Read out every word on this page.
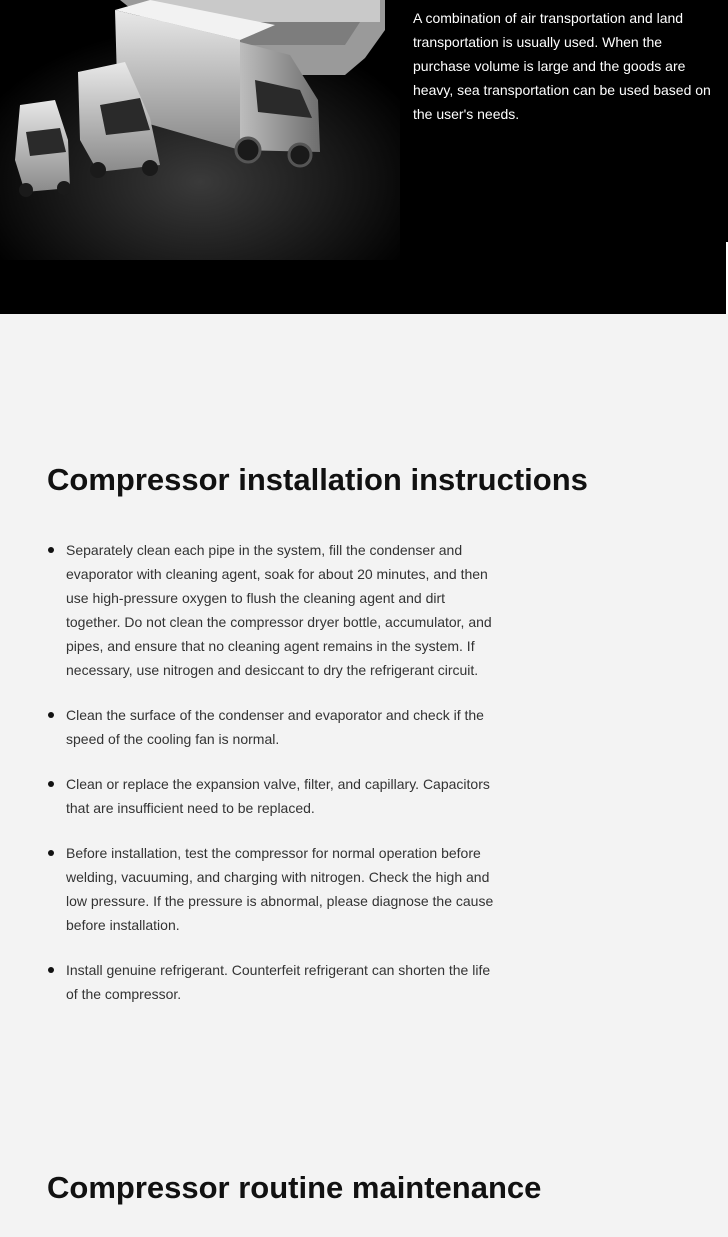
A combination of air transportation and land transportation is usually used. When the purchase volume is large and the goods are heavy, sea transportation can be used based on the user's needs.

Compressor installation instructions
Separately clean each pipe in the system, fill the condenser and evaporator with cleaning agent, soak for about 20 minutes, and then use high-pressure oxygen to flush the cleaning agent and dirt together. Do not clean the compressor dryer bottle, accumulator, and pipes, and ensure that no cleaning agent remains in the system. If necessary, use nitrogen and desiccant to dry the refrigerant circuit.
Clean the surface of the condenser and evaporator and check if the speed of the cooling fan is normal.
Clean or replace the expansion valve, filter, and capillary. Capacitors that are insufficient need to be replaced.
Before installation, test the compressor for normal operation before welding, vacuuming, and charging with nitrogen. Check the high and low pressure. If the pressure is abnormal, please diagnose the cause before installation.
Install genuine refrigerant. Counterfeit refrigerant can shorten the life of the compressor.
Compressor routine maintenance
